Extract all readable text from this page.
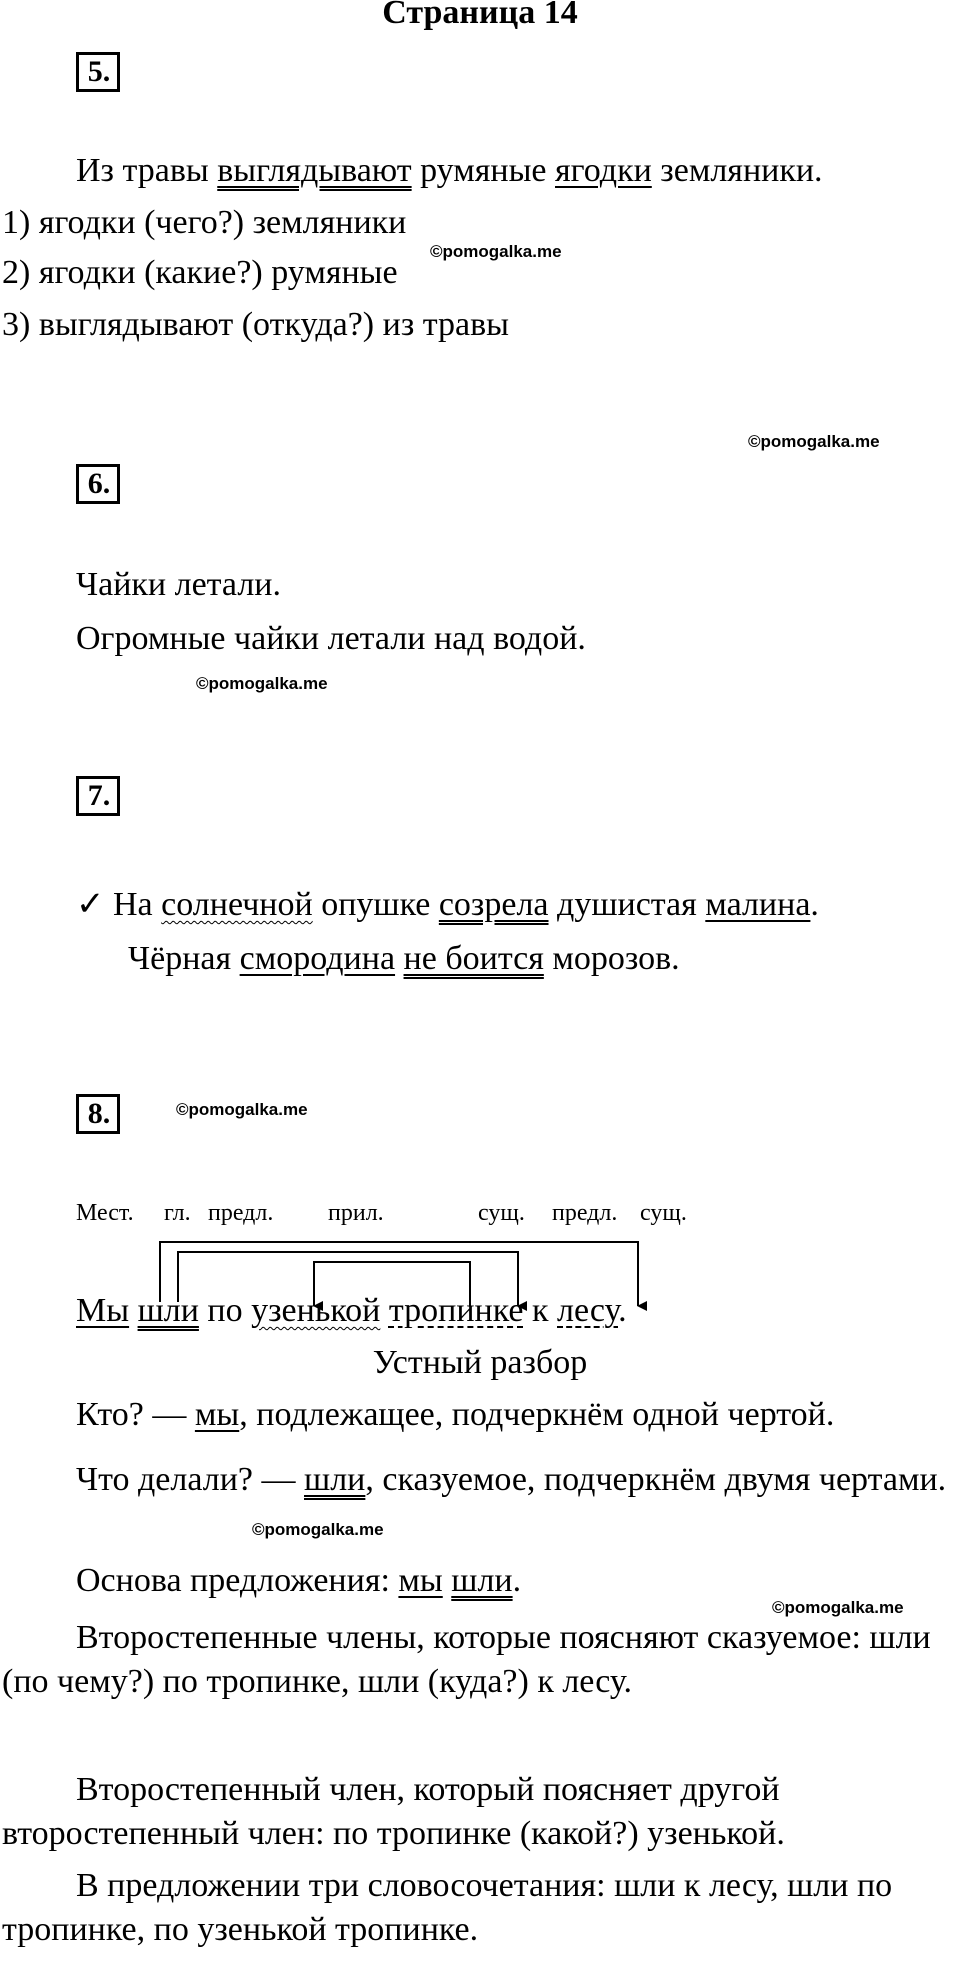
Страница 14
5.
Из травы выглядывают румяные ягодки земляники.
1) ягодки (чего?) земляники
2) ягодки (какие?) румяные
3) выглядывают (откуда?) из травы
©pomogalka.me
©pomogalka.me
6.
Чайки летали.
Огромные чайки летали над водой.
©pomogalka.me
7.
✓ На солнечной опушке созрела душистая малина.
Чёрная смородина не боится морозов.
8.	©pomogalka.me
Мест. гл. предл. прил.	сущ. предл. сущ.
Мы шли по узенькой тропинке к лесу.
Устный разбор
Кто? — мы, подлежащее, подчеркнём одной чертой.
Что делали? — шли, сказуемое, подчеркнём двумя чертами.
©pomogalka.me
Основа предложения: мы шли.
©pomogalka.me
Второстепенные члены, которые поясняют сказуемое: шли (по чему?) по тропинке, шли (куда?) к лесу.
Второстепенный член, который поясняет другой второстепенный член: по тропинке (какой?) узенькой.
В предложении три словосочетания: шли к лесу, шли по тропинке, по узенькой тропинке.
